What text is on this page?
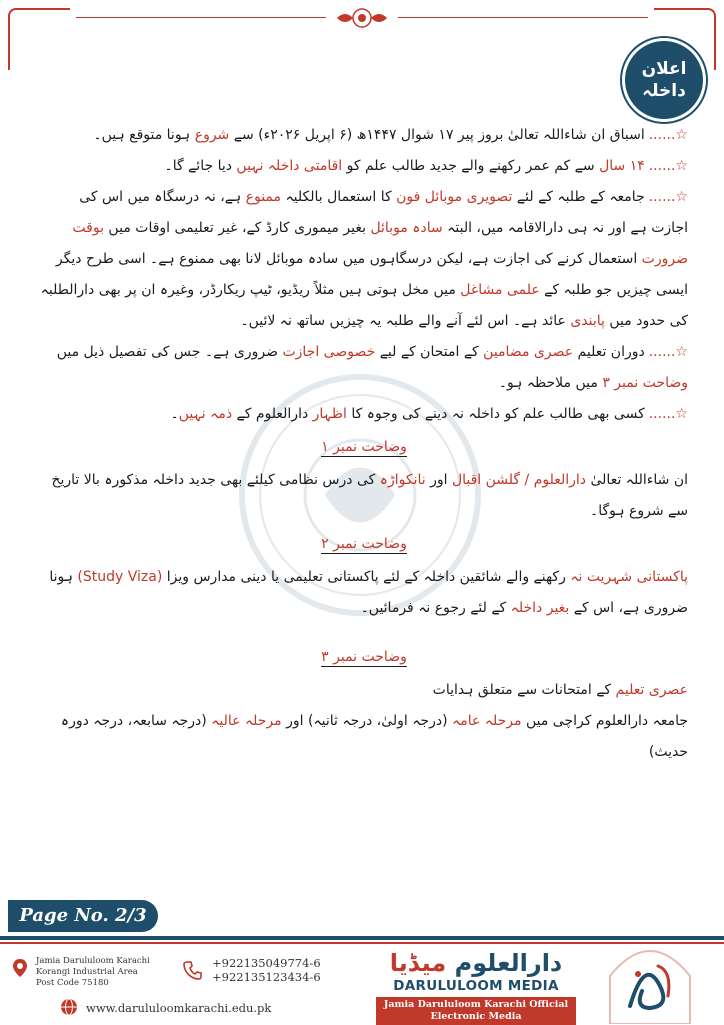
اعلان
داخلہ

☆......اسباق ان شاءاللہ تعالیٰ بروز پیر ۱۷ شوال ۱۴۴۷ھ (۶ اپریل ۲۰۲۶ء) سے شروع ہونا متوقع ہیں۔

☆......۱۴ سال سے کم عمر رکھنے والے جدید طالب علم کو اقامتی داخلہ نہیں دیا جائے گا۔

☆......جامعہ کے طلبہ کے لئے تصویری موبائل فون کا استعمال بالکلیہ ممنوع ہے، نہ درسگاہ میں اس کی اجازت ہے اور نہ ہی دارالاقامہ میں، البتہ سادہ موبائل بغیر میموری کارڈ کے، غیر تعلیمی اوقات میں بوقت ضرورت استعمال کرنے کی اجازت ہے، لیکن درسگاہوں میں سادہ موبائل لانا بھی ممنوع ہے۔ اسی طرح دیگر ایسی چیزیں جو طلبہ کے علمی مشاغل میں مخل ہوتی ہیں مثلاً ریڈیو، ٹیپ ریکارڈر، وغیرہ ان پر بھی دارالطلبہ کی حدود میں پابندی عائد ہے۔ اس لئے آنے والے طلبہ یہ چیزیں ساتھ نہ لائیں۔

☆......دوران تعلیم عصری مضامین کے امتحان کے لیے خصوصی اجازت ضروری ہے۔ جس کی تفصیل ذیل میں وضاحت نمبر ۳ میں ملاحظہ ہو۔

☆......کسی بھی طالب علم کو داخلہ نہ دینے کی وجوہ کا اظہار دارالعلوم کے ذمہ نہیں۔

وضاحت نمبر ۱

ان شاءاللہ تعالیٰ دارالعلوم / گلشن اقبال اور نانکواڑہ کی درس نظامی کیلئے بھی جدید داخلہ مذکورہ بالا تاریخ سے شروع ہوگا۔

وضاحت نمبر ۲

پاکستانی شہریت نہ رکھنے والے شائقین داخلہ کے لئے پاکستانی تعلیمی یا دینی مدارس ویزا (Study Viza) ہونا ضروری ہے، اس کے بغیر داخلہ کے لئے رجوع نہ فرمائیں۔

وضاحت نمبر ۳

عصری تعلیم کے امتحانات سے متعلق ہدایات

جامعہ دارالعلوم کراچی میں مرحلہ عامہ (درجہ اولیٰ، درجہ ثانیہ) اور مرحلہ عالیہ (درجہ سابعہ، درجہ دورہ حدیث)

Page No. 2/3
Jamia Darululoom Karachi
Korangi Industrial Area
Post Code 75180
+922135049774-6
+922135123434-6
www.darululoomkarachi.edu.pk
دارالعلوم میڈیا
DARULULOOM MEDIA
Jamia Darululoom Karachi Official
Electronic Media
